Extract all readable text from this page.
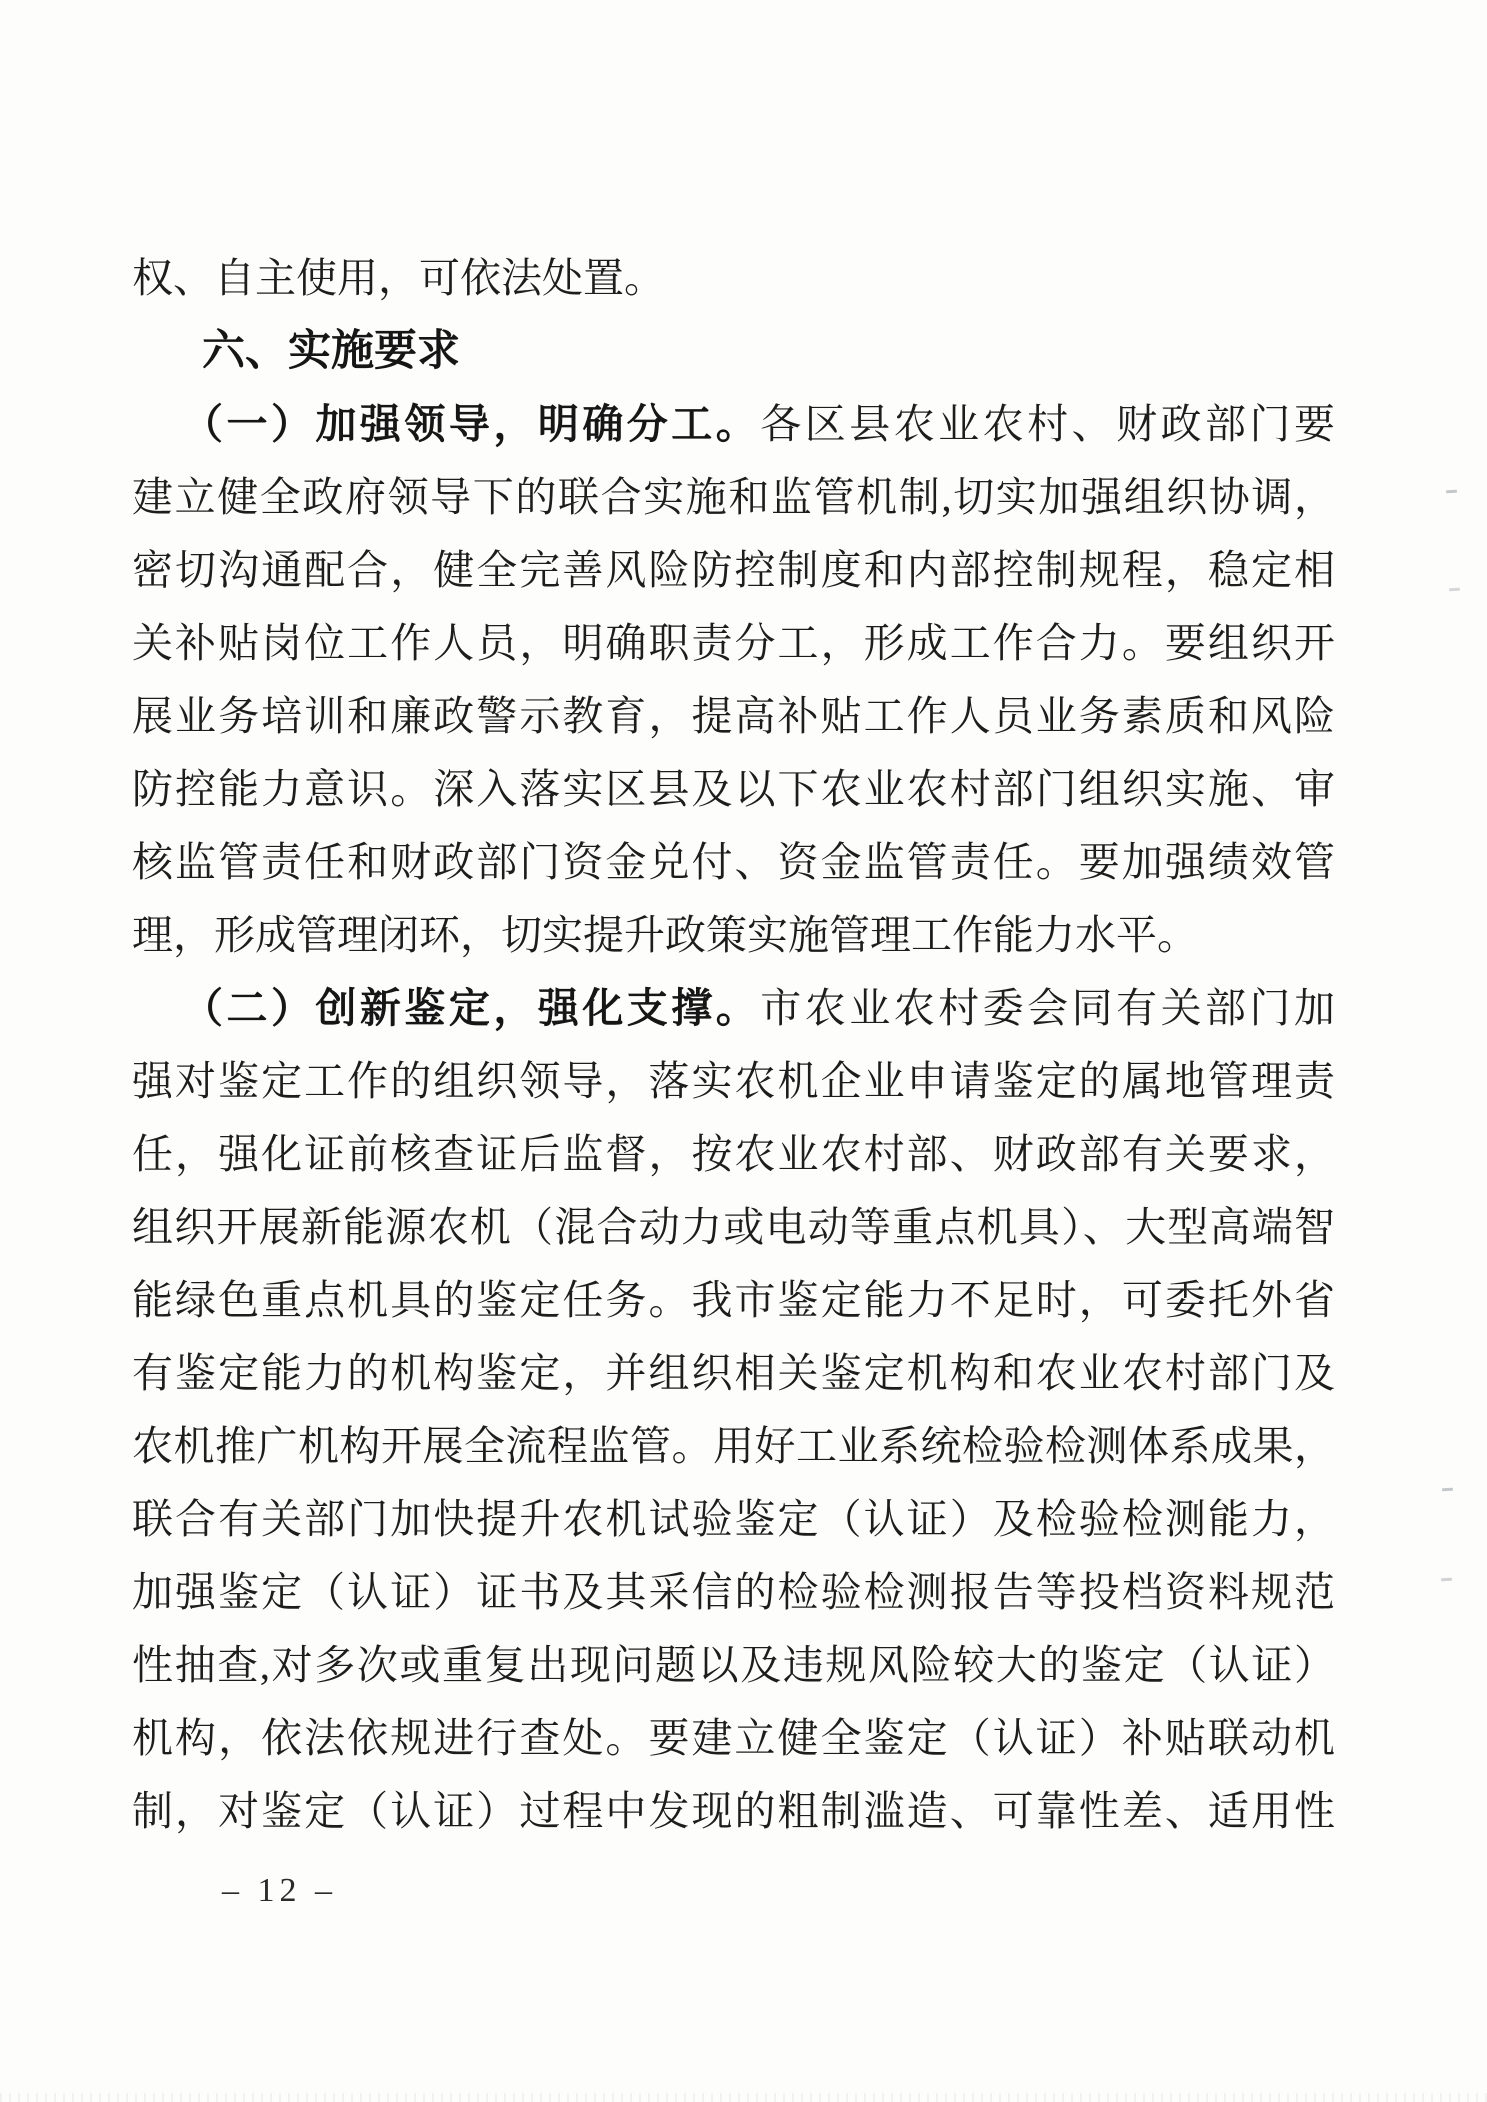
权、自主使用，可依法处置。
六、实施要求
（一）加强领导，明确分工。各区县农业农村、财政部门要
建立健全政府领导下的联合实施和监管机制,切实加强组织协调，
密切沟通配合，健全完善风险防控制度和内部控制规程，稳定相
关补贴岗位工作人员，明确职责分工，形成工作合力。要组织开
展业务培训和廉政警示教育，提高补贴工作人员业务素质和风险
防控能力意识。深入落实区县及以下农业农村部门组织实施、审
核监管责任和财政部门资金兑付、资金监管责任。要加强绩效管
理，形成管理闭环，切实提升政策实施管理工作能力水平。
（二）创新鉴定，强化支撑。市农业农村委会同有关部门加
强对鉴定工作的组织领导，落实农机企业申请鉴定的属地管理责
任，强化证前核查证后监督，按农业农村部、财政部有关要求，
组织开展新能源农机（混合动力或电动等重点机具）、大型高端智
能绿色重点机具的鉴定任务。我市鉴定能力不足时，可委托外省
有鉴定能力的机构鉴定，并组织相关鉴定机构和农业农村部门及
农机推广机构开展全流程监管。用好工业系统检验检测体系成果，
联合有关部门加快提升农机试验鉴定（认证）及检验检测能力，
加强鉴定（认证）证书及其采信的检验检测报告等投档资料规范
性抽查,对多次或重复出现问题以及违规风险较大的鉴定（认证）
机构，依法依规进行查处。要建立健全鉴定（认证）补贴联动机
制，对鉴定（认证）过程中发现的粗制滥造、可靠性差、适用性
– 12 –
